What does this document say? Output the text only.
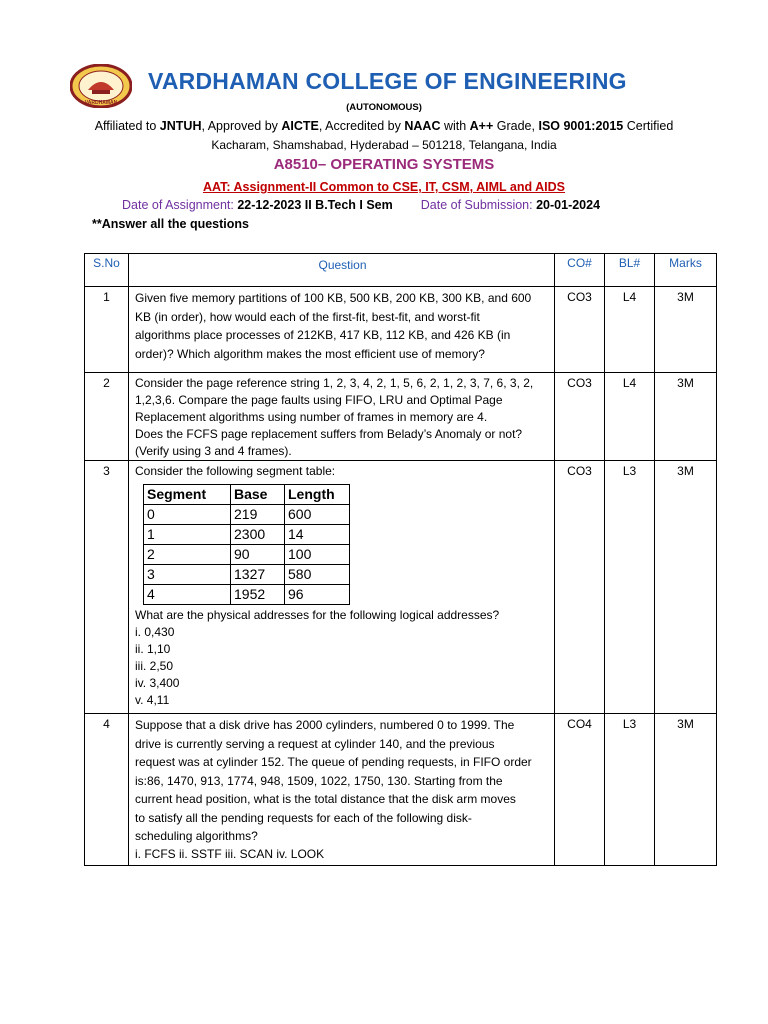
VARDHAMAN
VARDHAMAN COLLEGE OF ENGINEERING
(AUTONOMOUS)
Affiliated to JNTUH, Approved by AICTE, Accredited by NAAC with A++ Grade, ISO 9001:2015 Certified
Kacharam, Shamshabad, Hyderabad – 501218, Telangana, India
A8510– OPERATING SYSTEMS
AAT: Assignment-II Common to CSE, IT, CSM, AIML and AIDS
Date of Assignment: 22-12-2023 II B.Tech I Sem Date of Submission: 20-01-2024
**Answer all the questions
S.No	Question	CO#	BL#	Marks
1	Given five memory partitions of 100 KB, 500 KB, 200 KB, 300 KB, and 600
KB (in order), how would each of the first-fit, best-fit, and worst-fit
algorithms place processes of 212KB, 417 KB, 112 KB, and 426 KB (in
order)? Which algorithm makes the most efficient use of memory?
	CO3	L4	3M
2	Consider the page reference string 1, 2, 3, 4, 2, 1, 5, 6, 2, 1, 2, 3, 7, 6, 3, 2,
1,2,3,6. Compare the page faults using FIFO, LRU and Optimal Page
Replacement algorithms using number of frames in memory are 4.
Does the FCFS page replacement suffers from Belady’s Anomaly or not?
(Verify using 3 and 4 frames).
	CO3	L4	3M
3	Consider the following segment table:
Segment	Base	Length
0	219	600
1	2300	14
2	90	100
3	1327	580
4	1952	96
What are the physical addresses for the following logical addresses?
i. 0,430
ii. 1,10
iii. 2,50
iv. 3,400
v. 4,11
	CO3	L3	3M
4	Suppose that a disk drive has 2000 cylinders, numbered 0 to 1999. The
drive is currently serving a request at cylinder 140, and the previous
request was at cylinder 152. The queue of pending requests, in FIFO order
is:86, 1470, 913, 1774, 948, 1509, 1022, 1750, 130. Starting from the
current head position, what is the total distance that the disk arm moves
to satisfy all the pending requests for each of the following disk-
scheduling algorithms?
i. FCFS ii. SSTF iii. SCAN iv. LOOK
	CO4	L3	3M
